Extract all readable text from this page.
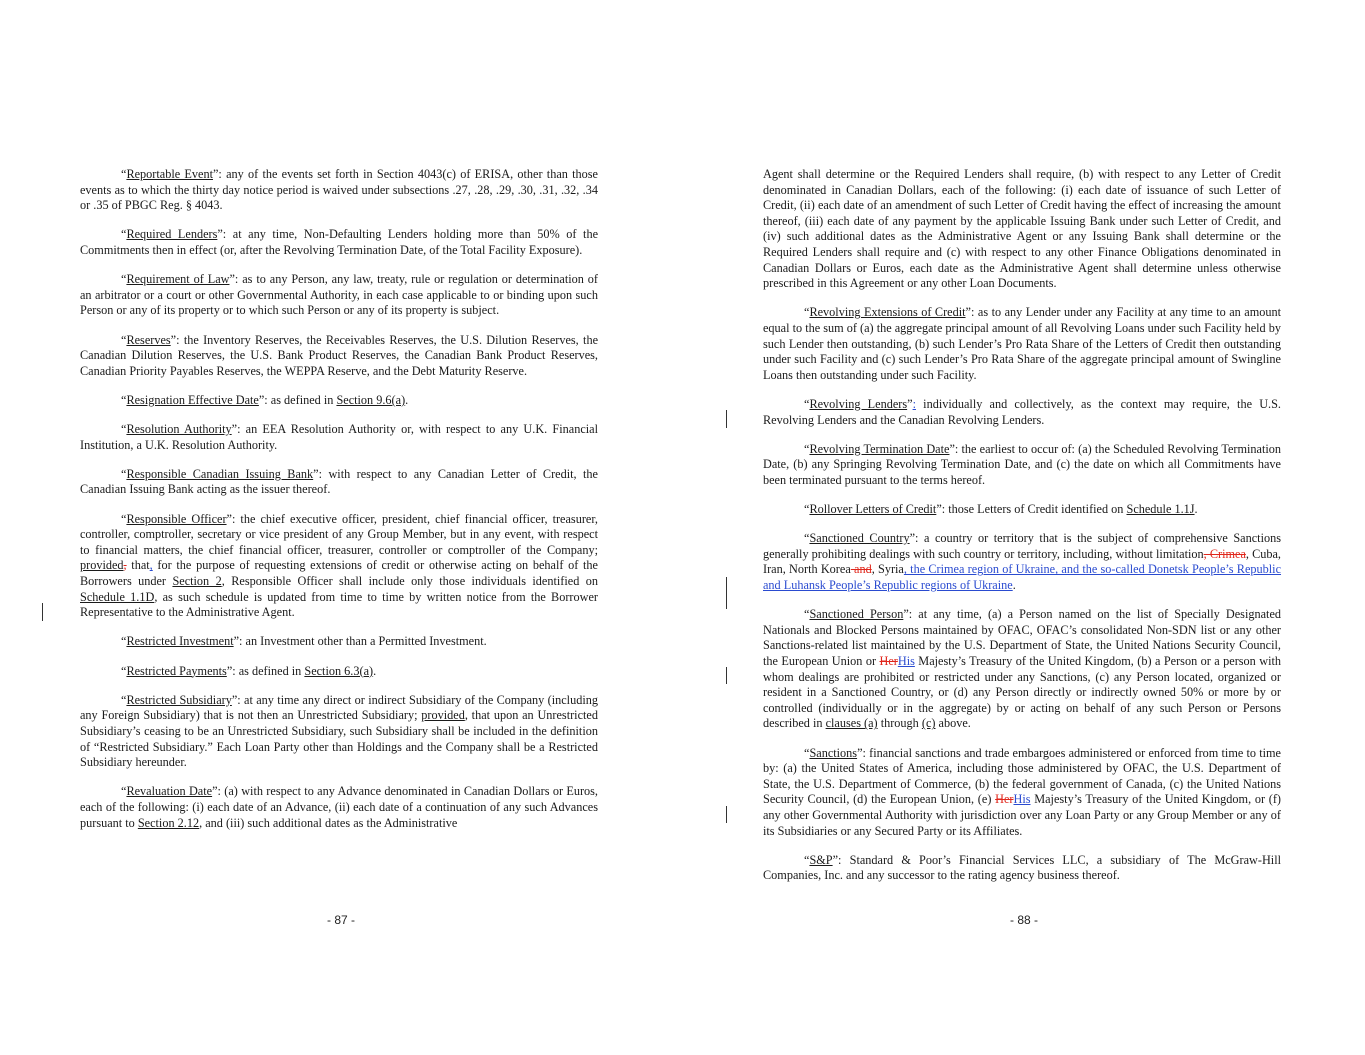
“Reportable Event”: any of the events set forth in Section 4043(c) of ERISA, other than those events as to which the thirty day notice period is waived under subsections .27, .28, .29, .30, .31, .32, .34 or .35 of PBGC Reg. § 4043.

“Required Lenders”: at any time, Non-Defaulting Lenders holding more than 50% of the Commitments then in effect (or, after the Revolving Termination Date, of the Total Facility Exposure).

“Requirement of Law”: as to any Person, any law, treaty, rule or regulation or determination of an arbitrator or a court or other Governmental Authority, in each case applicable to or binding upon such Person or any of its property or to which such Person or any of its property is subject.

“Reserves”: the Inventory Reserves, the Receivables Reserves, the U.S. Dilution Reserves, the Canadian Dilution Reserves, the U.S. Bank Product Reserves, the Canadian Bank Product Reserves, Canadian Priority Payables Reserves, the WEPPA Reserve, and the Debt Maturity Reserve.

“Resignation Effective Date”: as defined in Section 9.6(a).

“Resolution Authority”: an EEA Resolution Authority or, with respect to any U.K. Financial Institution, a U.K. Resolution Authority.

“Responsible Canadian Issuing Bank”: with respect to any Canadian Letter of Credit, the Canadian Issuing Bank acting as the issuer thereof.

“Responsible Officer”: the chief executive officer, president, chief financial officer, treasurer, controller, comptroller, secretary or vice president of any Group Member, but in any event, with respect to financial matters, the chief financial officer, treasurer, controller or comptroller of the Company; provided, that, for the purpose of requesting extensions of credit or otherwise acting on behalf of the Borrowers under Section 2, Responsible Officer shall include only those individuals identified on Schedule 1.1D, as such schedule is updated from time to time by written notice from the Borrower Representative to the Administrative Agent.

“Restricted Investment”: an Investment other than a Permitted Investment.

“Restricted Payments”: as defined in Section 6.3(a).

“Restricted Subsidiary”: at any time any direct or indirect Subsidiary of the Company (including any Foreign Subsidiary) that is not then an Unrestricted Subsidiary; provided, that upon an Unrestricted Subsidiary’s ceasing to be an Unrestricted Subsidiary, such Subsidiary shall be included in the definition of “Restricted Subsidiary.” Each Loan Party other than Holdings and the Company shall be a Restricted Subsidiary hereunder.

“Revaluation Date”: (a) with respect to any Advance denominated in Canadian Dollars or Euros, each of the following: (i) each date of an Advance, (ii) each date of a continuation of any such Advances pursuant to Section 2.12, and (iii) such additional dates as the Administrative

- 87 -

Agent shall determine or the Required Lenders shall require, (b) with respect to any Letter of Credit denominated in Canadian Dollars, each of the following: (i) each date of issuance of such Letter of Credit, (ii) each date of an amendment of such Letter of Credit having the effect of increasing the amount thereof, (iii) each date of any payment by the applicable Issuing Bank under such Letter of Credit, and (iv) such additional dates as the Administrative Agent or any Issuing Bank shall determine or the Required Lenders shall require and (c) with respect to any other Finance Obligations denominated in Canadian Dollars or Euros, each date as the Administrative Agent shall determine unless otherwise prescribed in this Agreement or any other Loan Documents.

“Revolving Extensions of Credit”: as to any Lender under any Facility at any time to an amount equal to the sum of (a) the aggregate principal amount of all Revolving Loans under such Facility held by such Lender then outstanding, (b) such Lender’s Pro Rata Share of the Letters of Credit then outstanding under such Facility and (c) such Lender’s Pro Rata Share of the aggregate principal amount of Swingline Loans then outstanding under such Facility.

“Revolving Lenders”: individually and collectively, as the context may require, the U.S. Revolving Lenders and the Canadian Revolving Lenders.

“Revolving Termination Date”: the earliest to occur of: (a) the Scheduled Revolving Termination Date, (b) any Springing Revolving Termination Date, and (c) the date on which all Commitments have been terminated pursuant to the terms hereof.

“Rollover Letters of Credit”: those Letters of Credit identified on Schedule 1.1J.

“Sanctioned Country”: a country or territory that is the subject of comprehensive Sanctions generally prohibiting dealings with such country or territory, including, without limitation, Crimea, Cuba, Iran, North Korea and, Syria, the Crimea region of Ukraine, and the so-called Donetsk People’s Republic and Luhansk People’s Republic regions of Ukraine.

“Sanctioned Person”: at any time, (a) a Person named on the list of Specially Designated Nationals and Blocked Persons maintained by OFAC, OFAC’s consolidated Non-SDN list or any other Sanctions-related list maintained by the U.S. Department of State, the United Nations Security Council, the European Union or HerHis Majesty’s Treasury of the United Kingdom, (b) a Person or a person with whom dealings are prohibited or restricted under any Sanctions, (c) any Person located, organized or resident in a Sanctioned Country, or (d) any Person directly or indirectly owned 50% or more by or controlled (individually or in the aggregate) by or acting on behalf of any such Person or Persons described in clauses (a) through (c) above.

“Sanctions”: financial sanctions and trade embargoes administered or enforced from time to time by: (a) the United States of America, including those administered by OFAC, the U.S. Department of State, the U.S. Department of Commerce, (b) the federal government of Canada, (c) the United Nations Security Council, (d) the European Union, (e) HerHis Majesty’s Treasury of the United Kingdom, or (f) any other Governmental Authority with jurisdiction over any Loan Party or any Group Member or any of its Subsidiaries or any Secured Party or its Affiliates.

“S&P”: Standard & Poor’s Financial Services LLC, a subsidiary of The McGraw-Hill Companies, Inc. and any successor to the rating agency business thereof.

- 88 -
